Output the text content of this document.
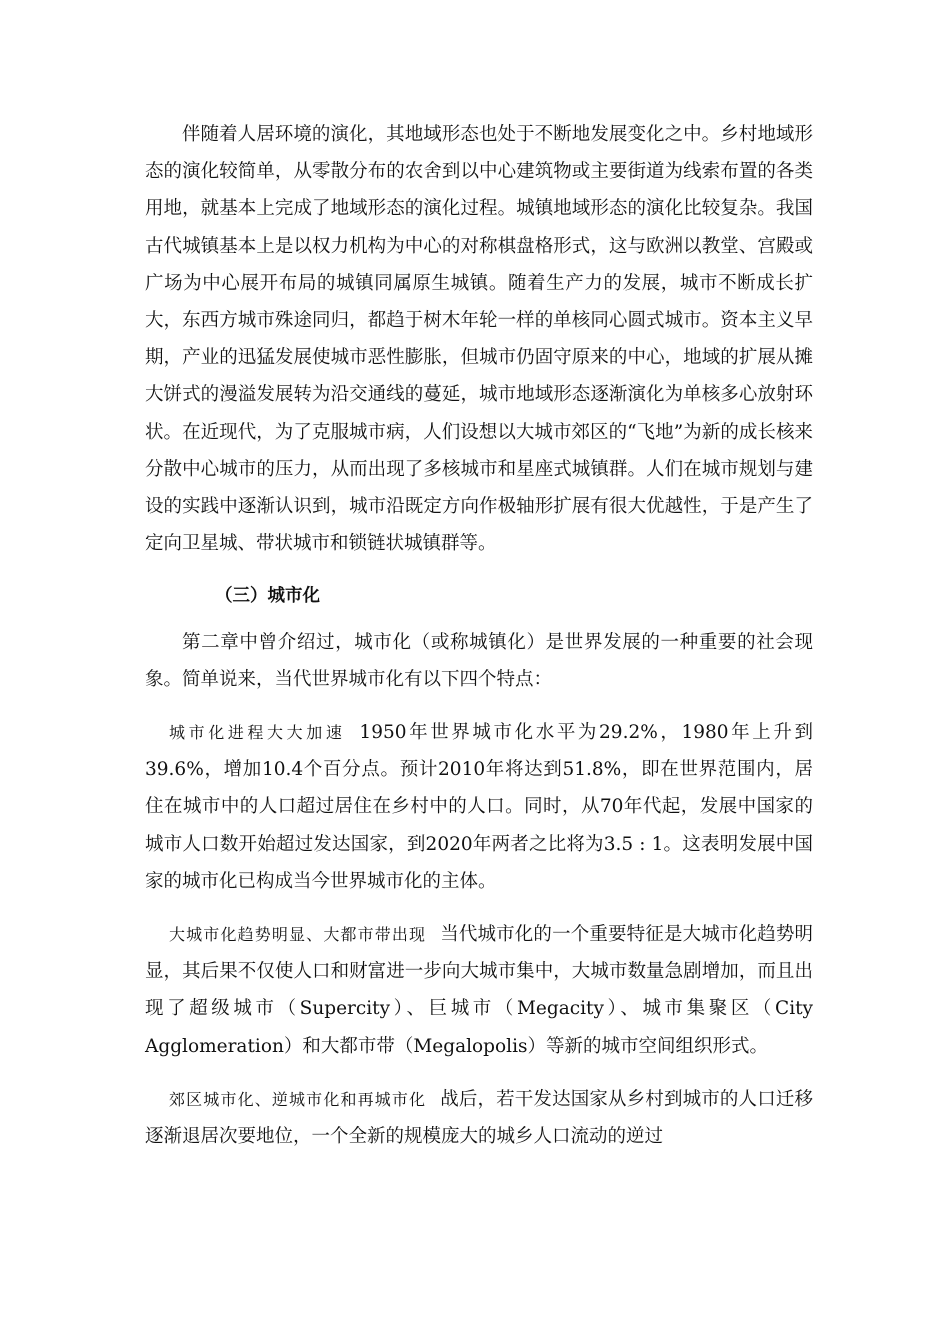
伴随着人居环境的演化，其地域形态也处于不断地发展变化之中。乡村地域形态的演化较简单，从零散分布的农舍到以中心建筑物或主要街道为线索布置的各类用地，就基本上完成了地域形态的演化过程。城镇地域形态的演化比较复杂。我国古代城镇基本上是以权力机构为中心的对称棋盘格形式，这与欧洲以教堂、宫殿或广场为中心展开布局的城镇同属原生城镇。随着生产力的发展，城市不断成长扩大，东西方城市殊途同归，都趋于树木年轮一样的单核同心圆式城市。资本主义早期，产业的迅猛发展使城市恶性膨胀，但城市仍固守原来的中心，地域的扩展从摊大饼式的漫溢发展转为沿交通线的蔓延，城市地域形态逐渐演化为单核多心放射环状。在近现代，为了克服城市病，人们设想以大城市郊区的“飞地”为新的成长核来分散中心城市的压力，从而出现了多核城市和星座式城镇群。人们在城市规划与建设的实践中逐渐认识到，城市沿既定方向作极轴形扩展有很大优越性，于是产生了定向卫星城、带状城市和锁链状城镇群等。

（三）城市化

第二章中曾介绍过，城市化（或称城镇化）是世界发展的一种重要的社会现象。简单说来，当代世界城市化有以下四个特点：

城市化进程大大加速 1950年世界城市化水平为29.2%，1980年上升到39.6%，增加10.4个百分点。预计2010年将达到51.8%，即在世界范围内，居住在城市中的人口超过居住在乡村中的人口。同时，从70年代起，发展中国家的城市人口数开始超过发达国家，到2020年两者之比将为3.5 : 1。这表明发展中国家的城市化已构成当今世界城市化的主体。

大城市化趋势明显、大都市带出现 当代城市化的一个重要特征是大城市化趋势明显，其后果不仅使人口和财富进一步向大城市集中，大城市数量急剧增加，而且出现了超级城市（Supercity）、巨城市（Megacity）、城市集聚区（City Agglomeration）和大都市带（Megalopolis）等新的城市空间组织形式。

郊区城市化、逆城市化和再城市化 战后，若干发达国家从乡村到城市的人口迁移逐渐退居次要地位，一个全新的规模庞大的城乡人口流动的逆过
